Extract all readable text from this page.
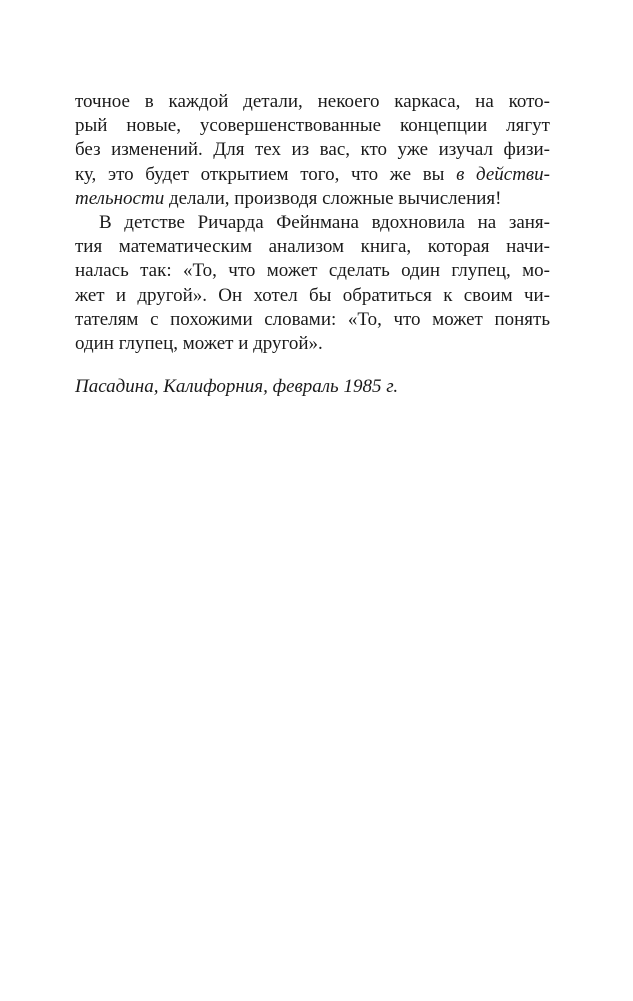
точное в каждой детали, некоего каркаса, на кото-
рый новые, усовершенствованные концепции лягут
без изменений. Для тех из вас, кто уже изучал физи-
ку, это будет открытием того, что же вы в действи-
тельности делали, производя сложные вычисления!
В детстве Ричарда Фейнмана вдохновила на заня-
тия математическим анализом книга, которая начи-
налась так: «То, что может сделать один глупец, мо-
жет и другой». Он хотел бы обратиться к своим чи-
тателям с похожими словами: «То, что может понять
один глупец, может и другой».
Пасадина, Калифорния, февраль 1985 г.
